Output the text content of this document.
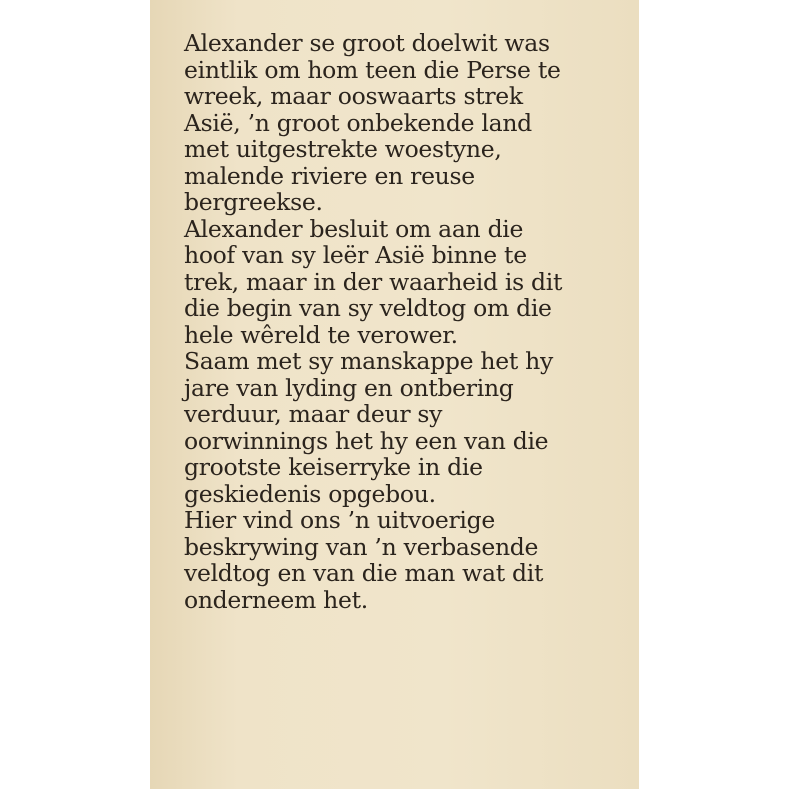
Alexander se groot doelwit was
eintlik om hom teen die Perse te
wreek, maar ooswaarts strek
Asië, ’n groot onbekende land
met uitgestrekte woestyne,
malende riviere en reuse
bergreekse.
Alexander besluit om aan die
hoof van sy leër Asië binne te
trek, maar in der waarheid is dit
die begin van sy veldtog om die
hele wêreld te verower.
Saam met sy manskappe het hy
jare van lyding en ontbering
verduur, maar deur sy
oorwinnings het hy een van die
grootste keiserryke in die
geskiedenis opgebou.
Hier vind ons ’n uitvoerige
beskrywing van ’n verbasende
veldtog en van die man wat dit
onderneem het.
